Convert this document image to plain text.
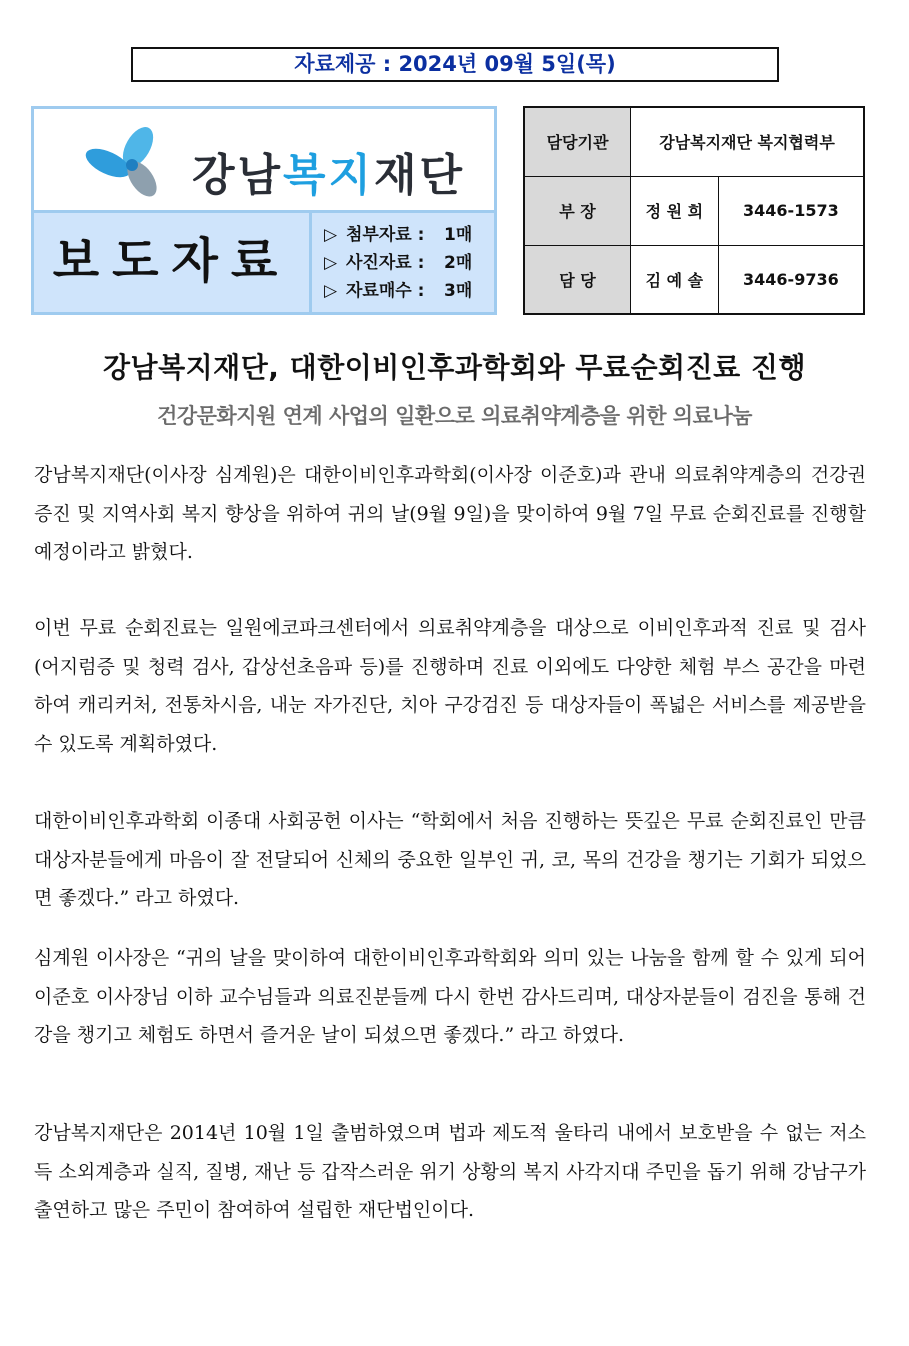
자료제공 : 2024년 09월 5일(목)
강남복지재단
보도자료	▷ 첨부자료 :	1매
▷ 사진자료 :	2매
▷ 자료매수 :	3매
담당기관	강남복지재단 복지협력부	
부 장	정 원 희	3446-1573
담 당	김 예 솔	3446-9736
강남복지재단, 대한이비인후과학회와 무료순회진료 진행
건강문화지원 연계 사업의 일환으로 의료취약계층을 위한 의료나눔

강남복지재단(이사장 심계원)은 대한이비인후과학회(이사장 이준호)과 관내 의료취약계층의 건강권 증진 및 지역사회 복지 향상을 위하여 귀의 날(9월 9일)을 맞이하여 9월 7일 무료 순회진료를 진행할 예정이라고 밝혔다.

이번 무료 순회진료는 일원에코파크센터에서 의료취약계층을 대상으로 이비인후과적 진료 및 검사(어지럼증 및 청력 검사, 갑상선초음파 등)를 진행하며 진료 이외에도 다양한 체험 부스 공간을 마련하여 캐리커처, 전통차시음, 내눈 자가진단, 치아 구강검진 등 대상자들이 폭넓은 서비스를 제공받을 수 있도록 계획하였다.

대한이비인후과학회 이종대 사회공헌 이사는 “학회에서 처음 진행하는 뜻깊은 무료 순회진료인 만큼 대상자분들에게 마음이 잘 전달되어 신체의 중요한 일부인 귀, 코, 목의 건강을 챙기는 기회가 되었으면 좋겠다.” 라고 하였다.

심계원 이사장은 “귀의 날을 맞이하여 대한이비인후과학회와 의미 있는 나눔을 함께 할 수 있게 되어 이준호 이사장님 이하 교수님들과 의료진분들께 다시 한번 감사드리며, 대상자분들이 검진을 통해 건강을 챙기고 체험도 하면서 즐거운 날이 되셨으면 좋겠다.” 라고 하였다.

강남복지재단은 2014년 10월 1일 출범하였으며 법과 제도적 울타리 내에서 보호받을 수 없는 저소득 소외계층과 실직, 질병, 재난 등 갑작스러운 위기 상황의 복지 사각지대 주민을 돕기 위해 강남구가 출연하고 많은 주민이 참여하여 설립한 재단법인이다.
